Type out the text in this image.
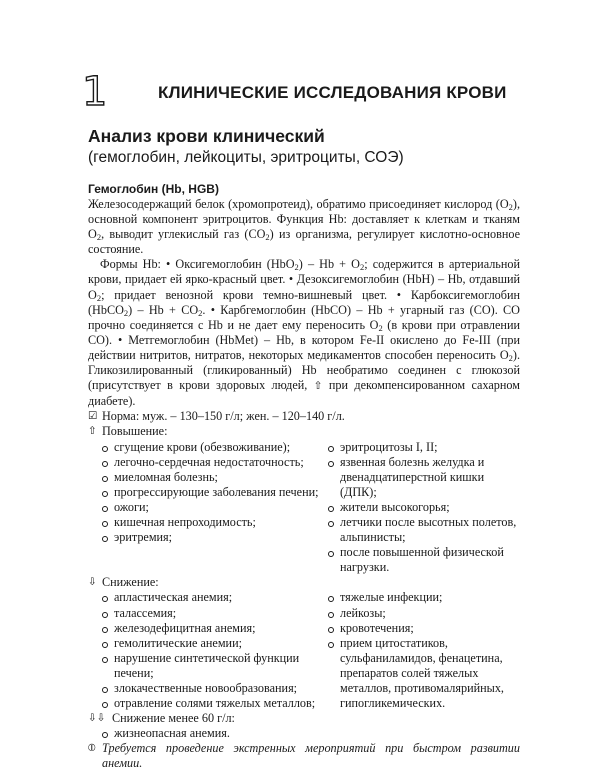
1	КЛИНИЧЕСКИЕ ИССЛЕДОВАНИЯ КРОВИ
Анализ крови клинический
(гемоглобин, лейкоциты, эритроциты, СОЭ)
Гемоглобин (Hb, HGB)

Железосодержащий белок (хромопротеид), обратимо присоединяет кислород $(O_2)$, основной компонент эритроцитов. Функция Hb: доставляет к клеткам и тканям $O_2$, выводит углекислый газ $(CO_2)$ из организма, регулирует кислотно-основное состояние.

Формы Hb: • Оксигемоглобин $(HbO_2) - Hb + O_2$; содержится в артериальной крови, придает ей ярко-красный цвет. • Дезоксигемоглобин (HbH) – Hb, отдавший $O_2$; придает венозной крови темно-вишневый цвет. • Карбоксигемоглобин (HbCO$_2$) – $Hb + CO_2$. • Карбгемоглобин (HbCO) – Hb + угарный газ (CO). CO прочно соединяется с Hb и не дает ему переносить $O_2$ (в крови при отравлении CO). • Метгемоглобин (HbMet) – Hb, в котором Fe-II окислено до Fe-III (при действии нитритов, нитратов, некоторых медикаментов способен переносить $O_2$). Гликозилированный (гликированный) Hb необратимо соединен с глюкозой (присутствует в крови здоровых людей, ⇧ при декомпенсированном сахарном диабете).

☑ Норма: муж. – 130–150 г/л; жен. – 120–140 г/л.
⇧ Повышение:
сгущение крови (обезвоживание);
легочно-сердечная недостаточность;
миеломная болезнь;
прогрессирующие заболевания печени;
ожоги;
кишечная непроходимость;
эритремия;
эритроцитозы I, II;
язвенная болезнь желудка и двенадцатиперстной кишки (ДПК);
жители высокогорья;
летчики после высотных полетов, альпинисты;
после повышенной физической нагрузки.
⇩ Снижение:
апластическая анемия;
талассемия;
железодефицитная анемия;
гемолитические анемии;
нарушение синтетической функции печени;
злокачественные новообразования;
отравление солями тяжелых металлов;
тяжелые инфекции;
лейкозы;
кровотечения;
прием цитостатиков, сульфаниламидов, фенацетина, препаратов солей тяжелых металлов, противомалярийных, гипогликемических.
⇩⇩ Снижение менее 60 г/л:
жизнеопасная анемия.
⦶ Требуется проведение экстренных мероприятий при быстром развитии анемии.
